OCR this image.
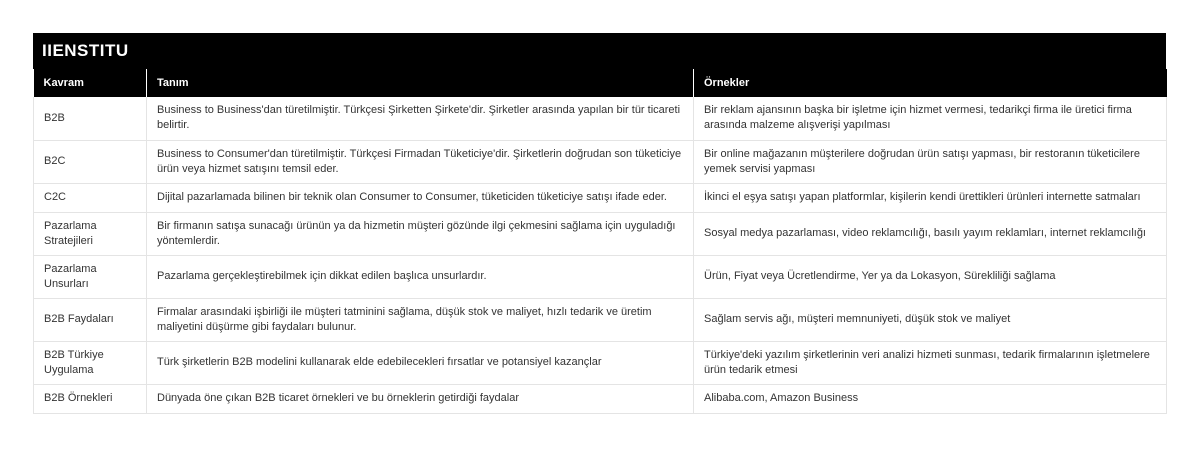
IIENSTITU
Kavram	Tanım	Örnekler
B2B	Business to Business'dan türetilmiştir. Türkçesi Şirketten Şirkete'dir. Şirketler arasında yapılan bir tür ticareti belirtir.	Bir reklam ajansının başka bir işletme için hizmet vermesi, tedarikçi firma ile üretici firma arasında malzeme alışverişi yapılması
B2C	Business to Consumer'dan türetilmiştir. Türkçesi Firmadan Tüketiciye'dir. Şirketlerin doğrudan son tüketiciye ürün veya hizmet satışını temsil eder.	Bir online mağazanın müşterilere doğrudan ürün satışı yapması, bir restoranın tüketicilere yemek servisi yapması
C2C	Dijital pazarlamada bilinen bir teknik olan Consumer to Consumer, tüketiciden tüketiciye satışı ifade eder.	İkinci el eşya satışı yapan platformlar, kişilerin kendi ürettikleri ürünleri internette satmaları
Pazarlama Stratejileri	Bir firmanın satışa sunacağı ürünün ya da hizmetin müşteri gözünde ilgi çekmesini sağlama için uyguladığı yöntemlerdir.	Sosyal medya pazarlaması, video reklamcılığı, basılı yayım reklamları, internet reklamcılığı
Pazarlama Unsurları	Pazarlama gerçekleştirebilmek için dikkat edilen başlıca unsurlardır.	Ürün, Fiyat veya Ücretlendirme, Yer ya da Lokasyon, Sürekliliği sağlama
B2B Faydaları	Firmalar arasındaki işbirliği ile müşteri tatminini sağlama, düşük stok ve maliyet, hızlı tedarik ve üretim maliyetini düşürme gibi faydaları bulunur.	Sağlam servis ağı, müşteri memnuniyeti, düşük stok ve maliyet
B2B Türkiye Uygulama	Türk şirketlerin B2B modelini kullanarak elde edebilecekleri fırsatlar ve potansiyel kazançlar	Türkiye'deki yazılım şirketlerinin veri analizi hizmeti sunması, tedarik firmalarının işletmelere ürün tedarik etmesi
B2B Örnekleri	Dünyada öne çıkan B2B ticaret örnekleri ve bu örneklerin getirdiği faydalar	Alibaba.com, Amazon Business
